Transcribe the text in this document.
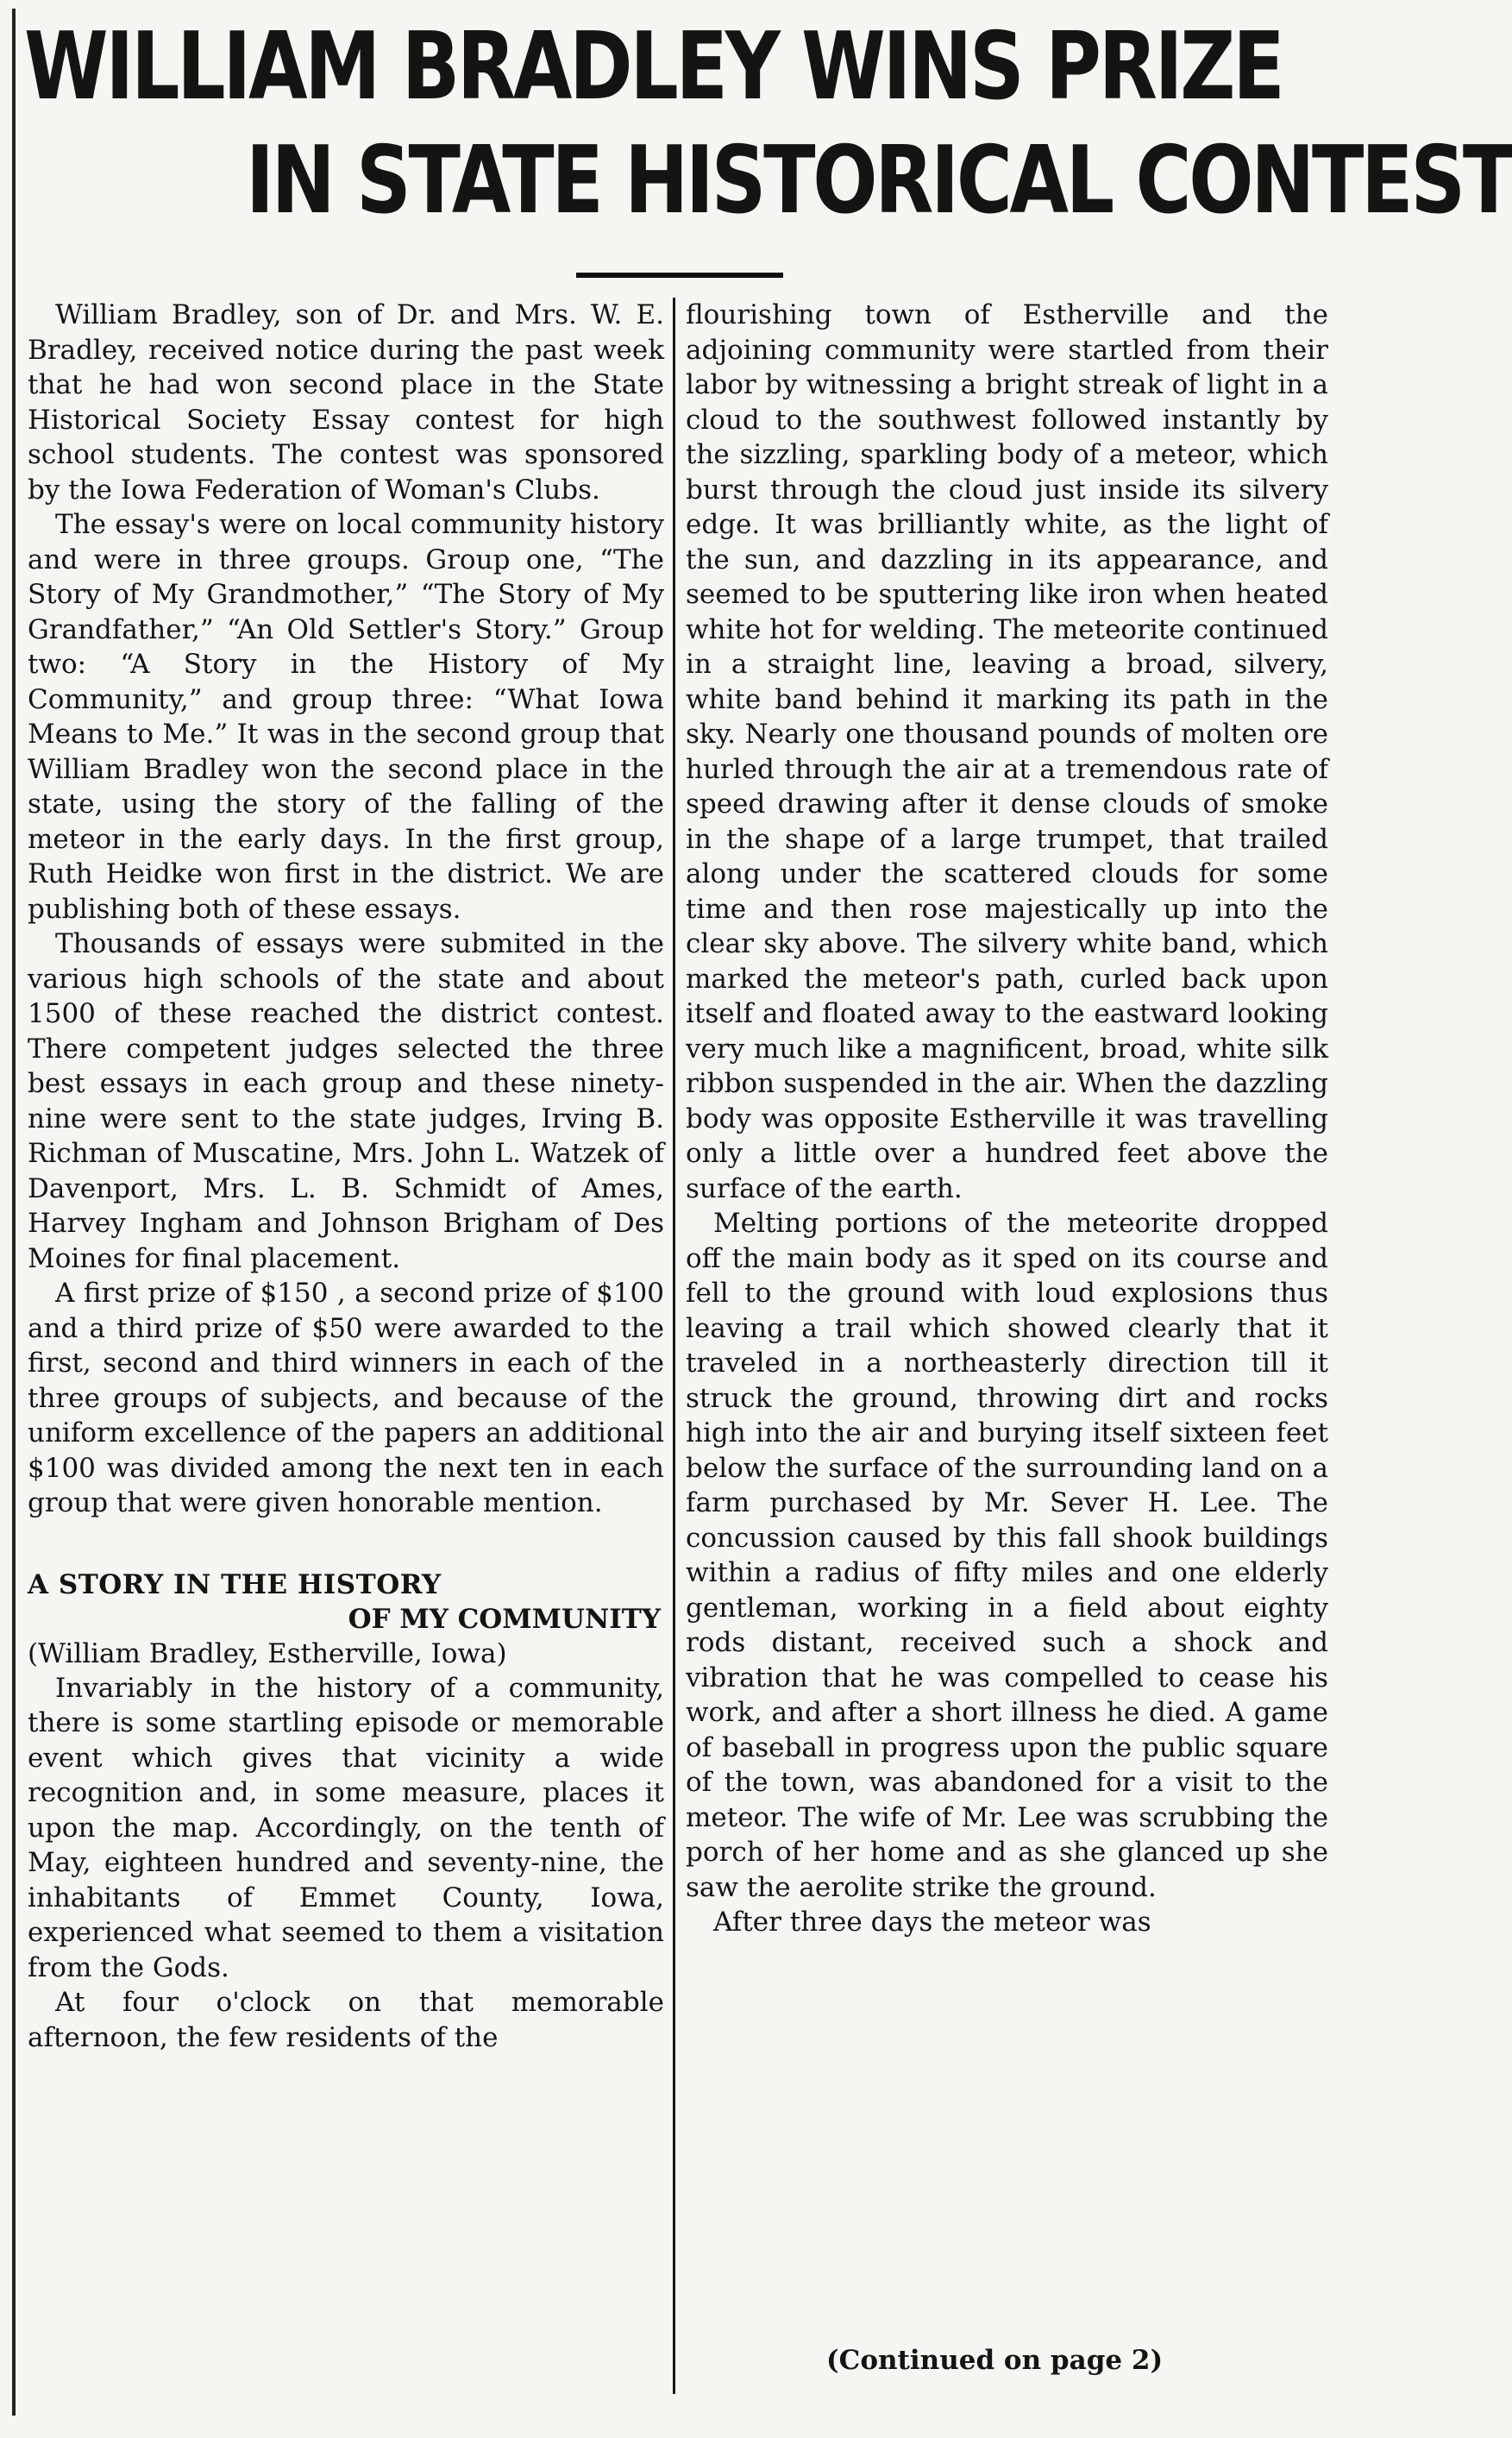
WILLIAM BRADLEY WINS PRIZE
IN STATE HISTORICAL CONTEST

William Bradley, son of Dr. and Mrs. W. E. Bradley, received notice during the past week that he had won second place in the State Historical Society Essay contest for high school students. The contest was sponsored by the Iowa Federation of Woman's Clubs.

The essay's were on local community history and were in three groups. Group one, “The Story of My Grandmother,” “The Story of My Grandfather,” “An Old Settler's Story.” Group two: “A Story in the History of My Community,” and group three: “What Iowa Means to Me.” It was in the second group that William Bradley won the second place in the state, using the story of the falling of the meteor in the early days. In the first group, Ruth Heidke won first in the district. We are publishing both of these essays.

Thousands of essays were submited in the various high schools of the state and about 1500 of these reached the district contest. There competent judges selected the three best essays in each group and these ninety-nine were sent to the state judges, Irving B. Richman of Muscatine, Mrs. John L. Watzek of Davenport, Mrs. L. B. Schmidt of Ames, Harvey Ingham and Johnson Brigham of Des Moines for final placement.

A first prize of $150 , a second prize of $100 and a third prize of $50 were awarded to the first, second and third winners in each of the three groups of subjects, and because of the uniform excellence of the papers an additional $100 was divided among the next ten in each group that were given honorable mention.

A STORY IN THE HISTORY

OF MY COMMUNITY

(William Bradley, Estherville, Iowa)

Invariably in the history of a community, there is some startling episode or memorable event which gives that vicinity a wide recognition and, in some measure, places it upon the map. Accordingly, on the tenth of May, eighteen hundred and seventy-nine, the inhabitants of Emmet County, Iowa, experienced what seemed to them a visitation from the Gods.

At four o'clock on that memorable afternoon, the few residents of the

flourishing town of Estherville and the adjoining community were startled from their labor by witnessing a bright streak of light in a cloud to the southwest followed instantly by the sizzling, sparkling body of a meteor, which burst through the cloud just inside its silvery edge. It was brilliantly white, as the light of the sun, and dazzling in its appearance, and seemed to be sputtering like iron when heated white hot for welding. The meteorite continued in a straight line, leaving a broad, silvery, white band behind it marking its path in the sky. Nearly one thousand pounds of molten ore hurled through the air at a tremendous rate of speed drawing after it dense clouds of smoke in the shape of a large trumpet, that trailed along under the scattered clouds for some time and then rose majestically up into the clear sky above. The silvery white band, which marked the meteor's path, curled back upon itself and floated away to the eastward looking very much like a magnificent, broad, white silk ribbon suspended in the air. When the dazzling body was opposite Estherville it was travelling only a little over a hundred feet above the surface of the earth.

Melting portions of the meteorite dropped off the main body as it sped on its course and fell to the ground with loud explosions thus leaving a trail which showed clearly that it traveled in a northeasterly direction till it struck the ground, throwing dirt and rocks high into the air and burying itself sixteen feet below the surface of the surrounding land on a farm purchased by Mr. Sever H. Lee. The concussion caused by this fall shook buildings within a radius of fifty miles and one elderly gentleman, working in a field about eighty rods distant, received such a shock and vibration that he was compelled to cease his work, and after a short illness he died. A game of baseball in progress upon the public square of the town, was abandoned for a visit to the meteor. The wife of Mr. Lee was scrubbing the porch of her home and as she glanced up she saw the aerolite strike the ground.

After three days the meteor was

(Continued on page 2)
